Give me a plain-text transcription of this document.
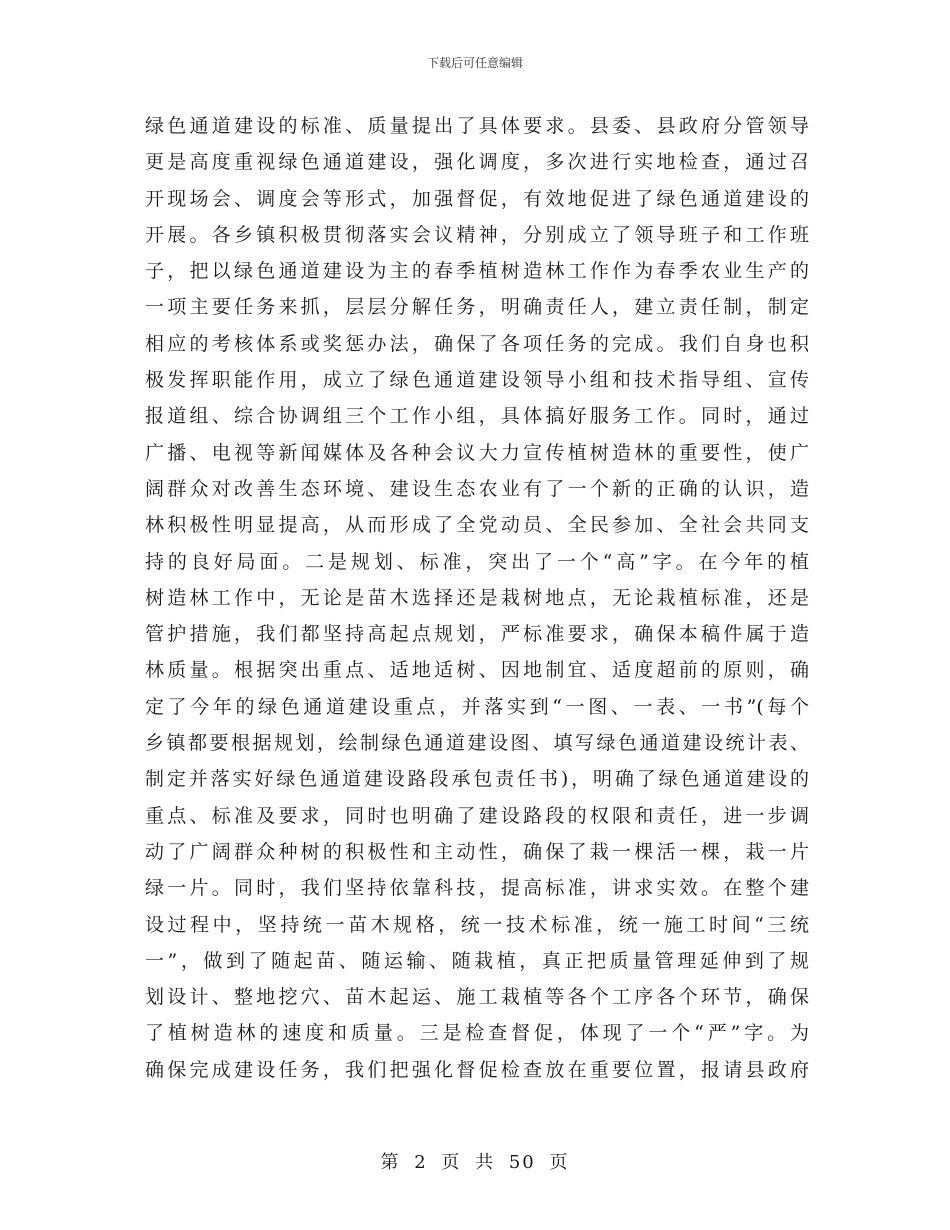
下载后可任意编辑
绿色通道建设的标准、质量提出了具体要求。县委、县政府分管领导
更是高度重视绿色通道建设，强化调度，多次进行实地检查，通过召
开现场会、调度会等形式，加强督促，有效地促进了绿色通道建设的
开展。各乡镇积极贯彻落实会议精神，分别成立了领导班子和工作班
子，把以绿色通道建设为主的春季植树造林工作作为春季农业生产的
一项主要任务来抓，层层分解任务，明确责任人，建立责任制，制定
相应的考核体系或奖惩办法，确保了各项任务的完成。我们自身也积
极发挥职能作用，成立了绿色通道建设领导小组和技术指导组、宣传
报道组、综合协调组三个工作小组，具体搞好服务工作。同时，通过
广播、电视等新闻媒体及各种会议大力宣传植树造林的重要性，使广
阔群众对改善生态环境、建设生态农业有了一个新的正确的认识，造
林积极性明显提高，从而形成了全党动员、全民参加、全社会共同支
持的良好局面。二是规划、标准，突出了一个“高”字。在今年的植
树造林工作中，无论是苗木选择还是栽树地点，无论栽植标准，还是
管护措施，我们都坚持高起点规划，严标准要求，确保本稿件属于造
林质量。根据突出重点、适地适树、因地制宜、适度超前的原则，确
定了今年的绿色通道建设重点，并落实到“一图、一表、一书”(每个
乡镇都要根据规划，绘制绿色通道建设图、填写绿色通道建设统计表、
制定并落实好绿色通道建设路段承包责任书)，明确了绿色通道建设的
重点、标准及要求，同时也明确了建设路段的权限和责任，进一步调
动了广阔群众种树的积极性和主动性，确保了栽一棵活一棵，栽一片
绿一片。同时，我们坚持依靠科技，提高标准，讲求实效。在整个建
设过程中，坚持统一苗木规格，统一技术标准，统一施工时间“三统
一”，做到了随起苗、随运输、随栽植，真正把质量管理延伸到了规
划设计、整地挖穴、苗木起运、施工栽植等各个工序各个环节，确保
了植树造林的速度和质量。三是检查督促，体现了一个“严”字。为
确保完成建设任务，我们把强化督促检查放在重要位置，报请县政府
第 2 页 共 50 页
